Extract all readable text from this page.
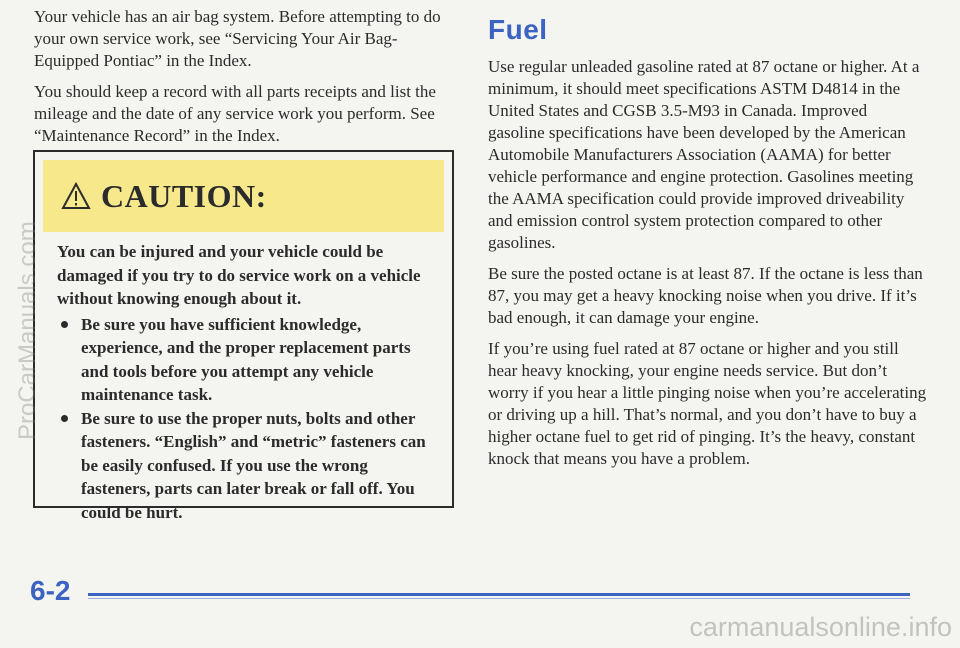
Your vehicle has an air bag system. Before attempting to do your own service work, see “Servicing Your Air Bag-Equipped Pontiac” in the Index.

You should keep a record with all parts receipts and list the mileage and the date of any service work you perform. See “Maintenance Record” in the Index.

CAUTION:

You can be injured and your vehicle could be damaged if you try to do service work on a vehicle without knowing enough about it.

Be sure you have sufficient knowledge, experience, and the proper replacement parts and tools before you attempt any vehicle maintenance task.
Be sure to use the proper nuts, bolts and other fasteners. “English” and “metric” fasteners can be easily confused. If you use the wrong fasteners, parts can later break or fall off. You could be hurt.
Fuel

Use regular unleaded gasoline rated at 87 octane or higher. At a minimum, it should meet specifications ASTM D4814 in the United States and CGSB 3.5-M93 in Canada. Improved gasoline specifications have been developed by the American Automobile Manufacturers Association (AAMA) for better vehicle performance and engine protection. Gasolines meeting the AAMA specification could provide improved driveability and emission control system protection compared to other gasolines.

Be sure the posted octane is at least 87. If the octane is less than 87, you may get a heavy knocking noise when you drive. If it’s bad enough, it can damage your engine.

If you’re using fuel rated at 87 octane or higher and you still hear heavy knocking, your engine needs service. But don’t worry if you hear a little pinging noise when you’re accelerating or driving up a hill. That’s normal, and you don’t have to buy a higher octane fuel to get rid of pinging. It’s the heavy, constant knock that means you have a problem.

6-2
ProCarManuals.com
carmanualsonline.info
